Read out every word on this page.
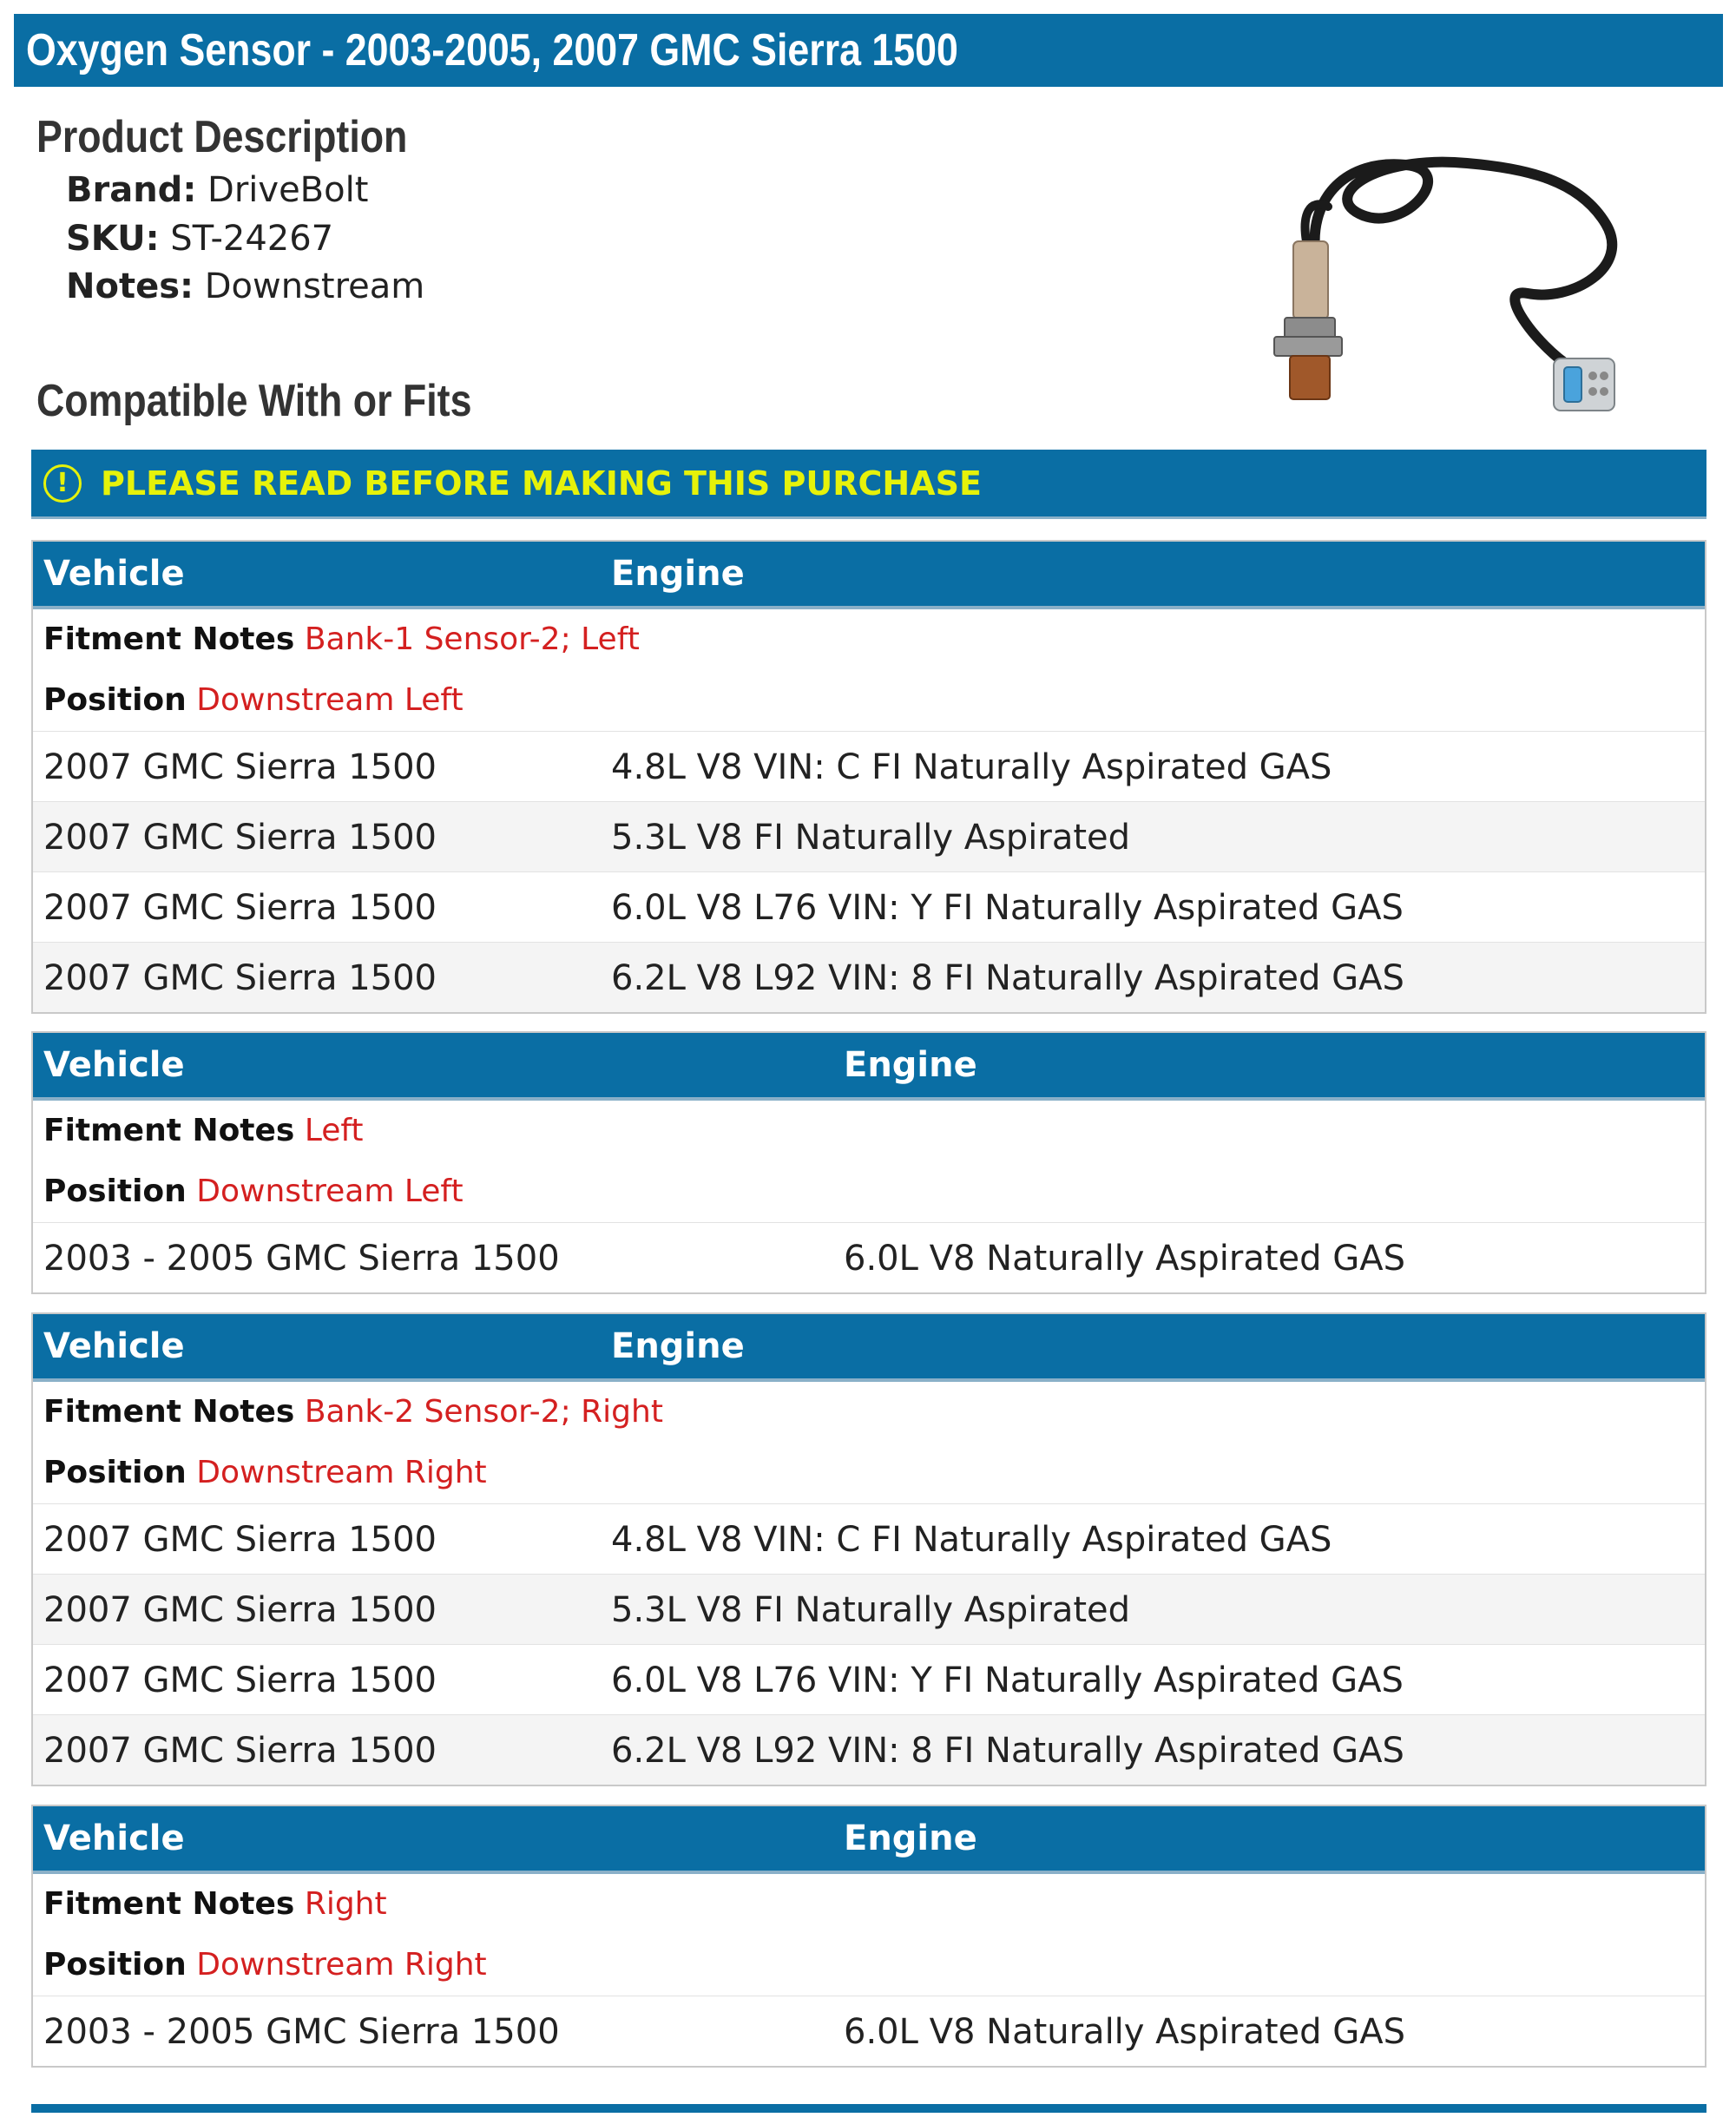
Oxygen Sensor - 2003-2005, 2007 GMC Sierra 1500
Product Description
Brand: DriveBolt
SKU: ST-24267
Notes: Downstream
Compatible With or Fits
! PLEASE READ BEFORE MAKING THIS PURCHASE
Vehicle	Engine
Fitment Notes Bank-1 Sensor-2; Left
Position Downstream Left
2007 GMC Sierra 1500	4.8L V8 VIN: C FI Naturally Aspirated GAS
2007 GMC Sierra 1500	5.3L V8 FI Naturally Aspirated
2007 GMC Sierra 1500	6.0L V8 L76 VIN: Y FI Naturally Aspirated GAS
2007 GMC Sierra 1500	6.2L V8 L92 VIN: 8 FI Naturally Aspirated GAS
Vehicle	Engine
Fitment Notes Left
Position Downstream Left
2003 - 2005 GMC Sierra 1500	6.0L V8 Naturally Aspirated GAS
Vehicle	Engine
Fitment Notes Bank-2 Sensor-2; Right
Position Downstream Right
2007 GMC Sierra 1500	4.8L V8 VIN: C FI Naturally Aspirated GAS
2007 GMC Sierra 1500	5.3L V8 FI Naturally Aspirated
2007 GMC Sierra 1500	6.0L V8 L76 VIN: Y FI Naturally Aspirated GAS
2007 GMC Sierra 1500	6.2L V8 L92 VIN: 8 FI Naturally Aspirated GAS
Vehicle	Engine
Fitment Notes Right
Position Downstream Right
2003 - 2005 GMC Sierra 1500	6.0L V8 Naturally Aspirated GAS
